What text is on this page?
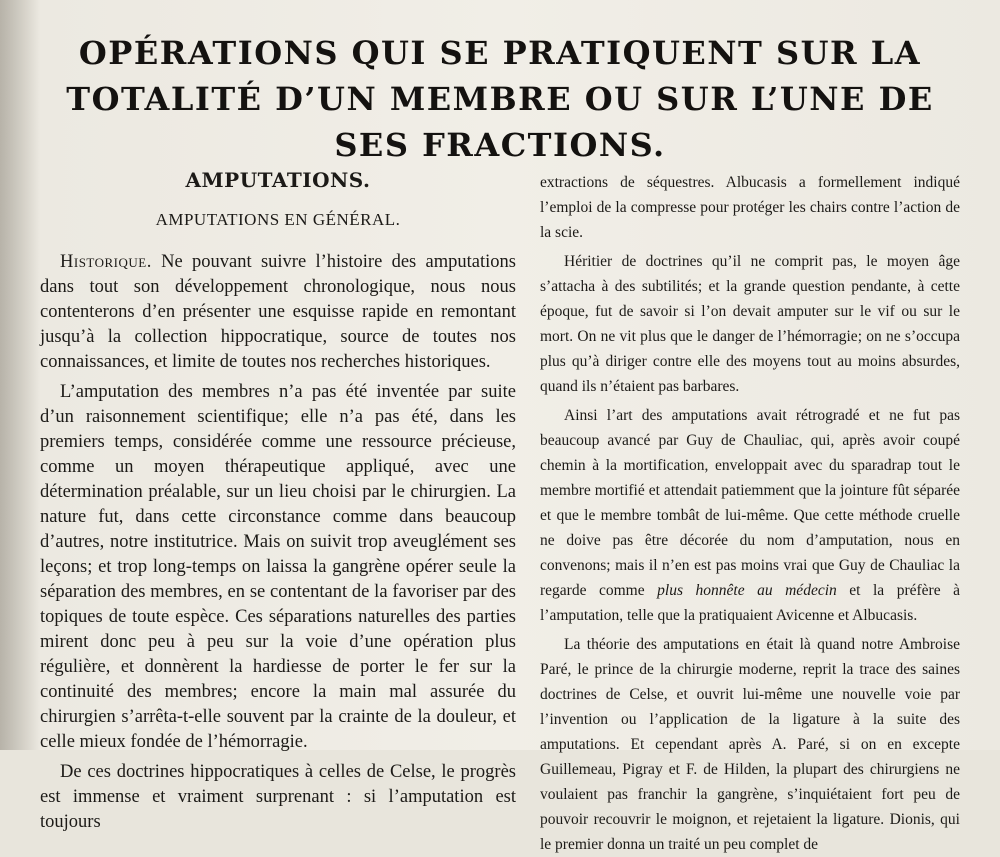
OPÉRATIONS QUI SE PRATIQUENT SUR LA TOTALITÉ D’UN MEMBRE OU SUR L’UNE DE SES FRACTIONS.
AMPUTATIONS.
AMPUTATIONS EN GÉNÉRAL.

Historique. Ne pouvant suivre l’histoire des amputations dans tout son développement chronologique, nous nous contenterons d’en présenter une esquisse rapide en remontant jusqu’à la collection hippocratique, source de toutes nos connaissances, et limite de toutes nos recherches historiques.

L’amputation des membres n’a pas été inventée par suite d’un raisonnement scientifique; elle n’a pas été, dans les premiers temps, considérée comme une ressource précieuse, comme un moyen thérapeutique appliqué, avec une détermination préalable, sur un lieu choisi par le chirurgien. La nature fut, dans cette circonstance comme dans beaucoup d’autres, notre institutrice. Mais on suivit trop aveuglément ses leçons; et trop long-temps on laissa la gangrène opérer seule la séparation des membres, en se contentant de la favoriser par des topiques de toute espèce. Ces séparations naturelles des parties mirent donc peu à peu sur la voie d’une opération plus régulière, et donnèrent la hardiesse de porter le fer sur la continuité des membres; encore la main mal assurée du chirurgien s’arrêta-t-elle souvent par la crainte de la douleur, et celle mieux fondée de l’hémorragie.

De ces doctrines hippocratiques à celles de Celse, le progrès est immense et vraiment surprenant : si l’amputation est toujours

extractions de séquestres. Albucasis a formellement indiqué l’emploi de la compresse pour protéger les chairs contre l’action de la scie.

Héritier de doctrines qu’il ne comprit pas, le moyen âge s’attacha à des subtilités; et la grande question pendante, à cette époque, fut de savoir si l’on devait amputer sur le vif ou sur le mort. On ne vit plus que le danger de l’hémorragie; on ne s’occupa plus qu’à diriger contre elle des moyens tout au moins absurdes, quand ils n’étaient pas barbares.

Ainsi l’art des amputations avait rétrogradé et ne fut pas beaucoup avancé par Guy de Chauliac, qui, après avoir coupé chemin à la mortification, enveloppait avec du sparadrap tout le membre mortifié et attendait patiemment que la jointure fût séparée et que le membre tombât de lui-même. Que cette méthode cruelle ne doive pas être décorée du nom d’amputation, nous en convenons; mais il n’en est pas moins vrai que Guy de Chauliac la regarde comme plus honnête au médecin et la préfère à l’amputation, telle que la pratiquaient Avicenne et Albucasis.

La théorie des amputations en était là quand notre Ambroise Paré, le prince de la chirurgie moderne, reprit la trace des saines doctrines de Celse, et ouvrit lui-même une nouvelle voie par l’invention ou l’application de la ligature à la suite des amputations. Et cependant après A. Paré, si on en excepte Guillemeau, Pigray et F. de Hilden, la plupart des chirurgiens ne voulaient pas franchir la gangrène, s’inquiétaient fort peu de pouvoir recouvrir le moignon, et rejetaient la ligature. Dionis, qui le premier donna un traité un peu complet de
